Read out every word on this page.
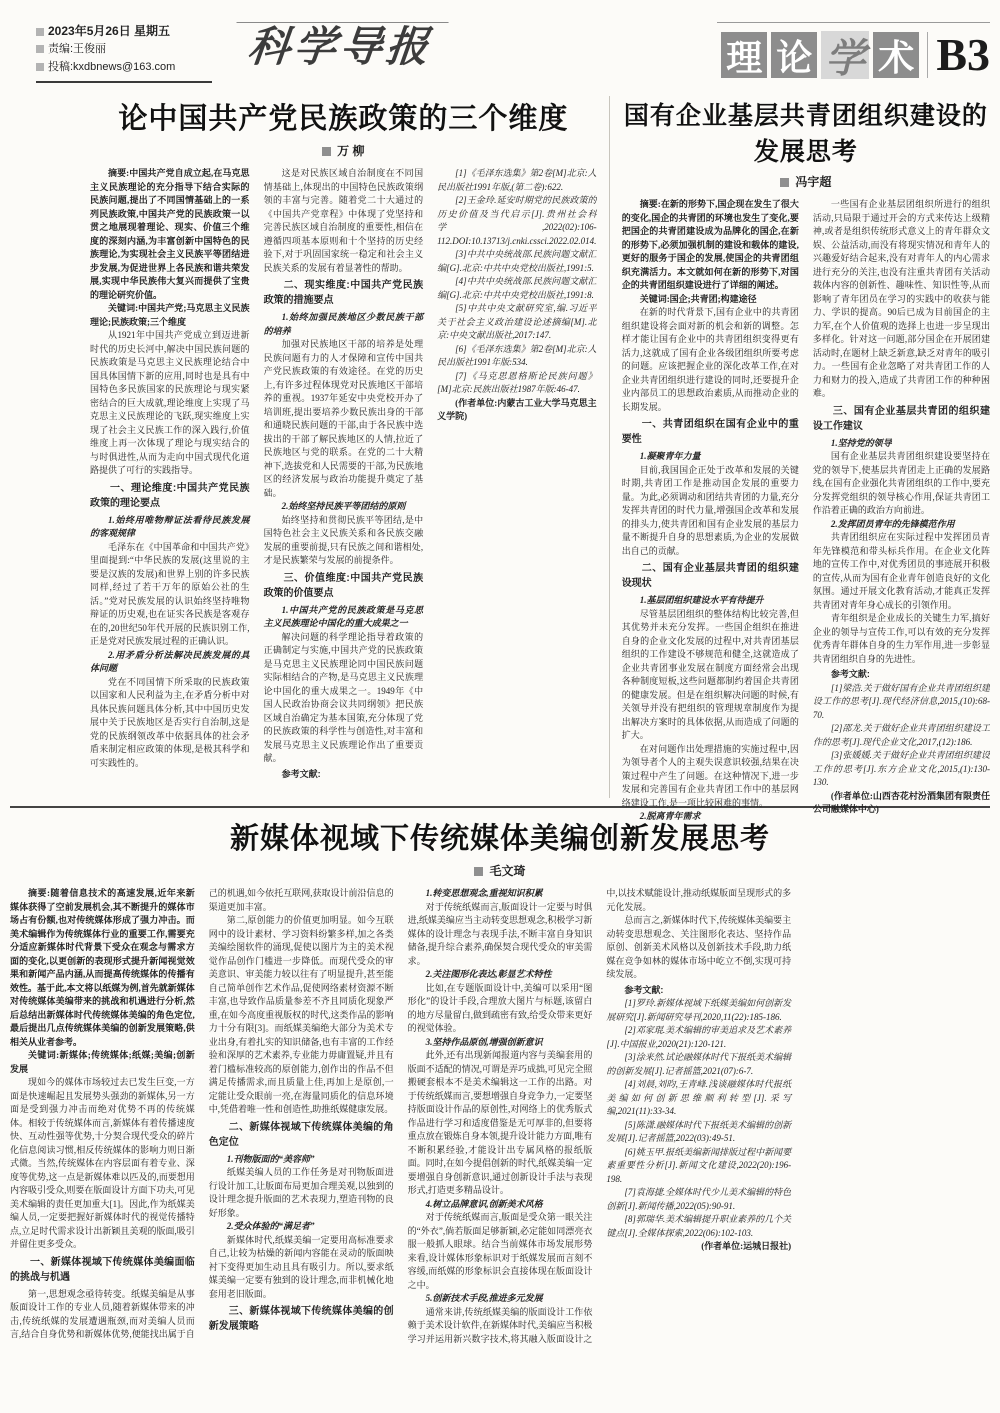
2023年5月26日 星期五
责编:王俊丽
投稿:kxdbnews@163.com	科学导报	理 论 学 术 B3
论中国共产党民族政策的三个维度
万 柳

摘要:中国共产党自成立起,在马克思主义民族理论的充分指导下结合实际的民族问题,提出了不同国情基础上的一系列民族政策,中国共产党的民族政策一以贯之地展现着理论、现实、价值三个维度的深刻内涵,为丰富创新中国特色的民族理论,为实现社会主义民族平等团结进步发展,为促进世界上各民族和谐共荣发展,实现中华民族伟大复兴而提供了宝贵的理论研究价值。

关键词:中国共产党;马克思主义民族理论;民族政策;三个维度

从1921年中国共产党成立到迈进新时代的历史长河中,解决中国民族问题的民族政策是马克思主义民族理论结合中国具体国情下新的应用,同时也是具有中国特色多民族国家的民族理论与现实紧密结合的巨大成就,理论维度上实现了马克思主义民族理论的飞跃,现实维度上实现了社会主义民族工作的深入践行,价值维度上再一次体现了理论与现实结合的与时俱进性,从而为走向中国式现代化道路提供了可行的实践指导。

一、理论维度:中国共产党民族政策的理论要点

1.始终用唯物辩证法看待民族发展的客观规律

毛泽东在《中国革命和中国共产党》里面提到:“中华民族的发展(这里说的主要是汉族的发展)和世界上别的许多民族同样,经过了若干万年的原始公社的生活。”党对民族发展的认识始终坚持唯物辩证的历史观,也在证实各民族是客观存在的,20世纪50年代开展的民族识别工作,正是党对民族发展过程的正确认识。

2.用矛盾分析法解决民族发展的具体问题

党在不同国情下所采取的民族政策以国家和人民利益为主,在矛盾分析中对具体民族问题具体分析,其中中国历史发展中关于民族地区是否实行自治制,这是党的民族纲领改革中依据具体的社会矛盾来制定相应政策的体现,是极其科学和可实践性的。

这是对民族区域自治制度在不同国情基础上,体现出的中国特色民族政策纲领的丰富与完善。随着党二十大通过的《中国共产党章程》中体现了党坚持和完善民族区域自治制度的重要性,相信在遵循四项基本原则和十个坚持的历史经验下,对于巩固国家统一稳定和社会主义民族关系的发展有着显著性的帮助。

二、现实维度:中国共产党民族政策的措施要点

1.始终加强民族地区少数民族干部的培养

加强对民族地区干部的培养是处理民族问题有力的人才保障和宣传中国共产党民族政策的有效途径。在党的历史上,有许多过程体现党对民族地区干部培养的重视。1937年延安中央党校开办了培训班,提出要培养少数民族出身的干部和通晓民族问题的干部,由于各民族中选拔出的干部了解民族地区的人情,拉近了民族地区与党的联系。在党的二十大精神下,选拔党和人民需要的干部,为民族地区的经济发展与政治功能提升奠定了基础。

2.始终坚持民族平等团结的原则

始终坚持和贯彻民族平等团结,是中国特色社会主义民族关系和各民族交融发展的重要前提,只有民族之间和谐相处,才是民族繁荣与发展的前提条件。

三、价值维度:中国共产党民族政策的价值要点

1.中国共产党的民族政策是马克思主义民族理论中国化的重大成果之一

解决问题的科学理论指导着政策的正确制定与实施,中国共产党的民族政策是马克思主义民族理论同中国民族问题实际相结合的产物,是马克思主义民族理论中国化的重大成果之一。1949年《中国人民政治协商会议共同纲领》把民族区域自治确定为基本国策,充分体现了党的民族政策的科学性与创造性,对丰富和发展马克思主义民族理论作出了重要贡献。

参考文献:

[1]《毛泽东选集》第2卷[M]北京:人民出版社1991年版,(第二卷):622.

[2]王金玲.延安时期党的民族政策的历史价值及当代启示[J].贵州社会科学,2022(02):106-112.DOI:10.13713/j.cnki.cssci.2022.02.014.

[3]中共中央统战部.民族问题文献汇编[G].北京:中共中央党校出版社,1991:5.

[4]中共中央统战部.民族问题文献汇编[G].北京:中共中央党校出版社,1991:8.

[5]中共中央文献研究室,编.习近平关于社会主义政治建设论述摘编[M].北京:中央文献出版社,2017:147.

[6]《毛泽东选集》第2卷[M]北京:人民出版社1991年版:534.

[7]《马克思恩格斯论民族问题》[M]北京:民族出版社1987年版:46-47.

(作者单位:内蒙古工业大学马克思主义学院)

国有企业基层共青团组织建设的发展思考
冯宇超

摘要:在新的形势下,国企现在发生了很大的变化,国企的共青团的环境也发生了变化,要把国企的共青团建设成为品牌化的国企,在新的形势下,必须加强机制的建设和载体的建设,更好的服务于国企的发展,使国企的共青团组织充满活力。本文就如何在新的形势下,对国企的共青团组织建设进行了详细的阐述。

关键词:国企;共青团;构建途径

在新的时代背景下,国有企业中的共青团组织建设将会面对新的机会和新的调整。怎样才能让国有企业中的共青团组织变得更有活力,这就成了国有企业各级团组织所要考虑的问题。应该把握企业的深化改革工作,在对企业共青团组织进行建设的同时,还要提升企业内部员工的思想政治素质,从而推动企业的长期发展。

一、共青团组织在国有企业中的重要性

1.凝聚青年力量

目前,我国国企正处于改革和发展的关键时期,共青团工作是推动国企发展的重要力量。为此,必须调动和团结共青团的力量,充分发挥共青团的时代力量,增强国企改革和发展的排头力,使共青团和国有企业发展的基层力量不断提升自身的思想素质,为企业的发展做出自己的贡献。

二、国有企业基层共青团的组织建设现状

1.基层团组织建设水平有待提升

尽管基层团组织的整体结构比较完善,但其优势并未充分发挥。一些国企组织在推进自身的企业文化发展的过程中,对共青团基层组织的工作建设不够规范和健全,这就造成了企业共青团事业发展在制度方面经常会出现各种制度短板,这些问题都制约着国企共青团的健康发展。但是在组织解决问题的时候,有关领导并没有把组织的管理规章制度作为提出解决方案时的具体依据,从而造成了问题的扩大。

在对问题作出处理措施的实施过程中,因为领导者个人的主观失误意识较强,结果在决策过程中产生了问题。在这种情况下,进一步发展和完善国有企业共青团工作中的基层网络建设工作,是一项比较困难的事情。

2.脱离青年需求

一些国有企业基层团组织所进行的组织活动,只局限于通过开会的方式来传达上级精神,或者是组织传统形式意义上的青年群众文娱、公益活动,而没有将现实情况和青年人的兴趣爱好结合起来,没有对青年人的内心需求进行充分的关注,也没有注重共青团有关活动载体内容的创新性、趣味性、知识性等,从而影响了青年团员在学习的实践中的收获与能力、学识的提高。90后已成为目前国企的主力军,在个人价值观的选择上也进一步呈现出多样化。针对这一问题,部分国企在开展团建活动时,在题材上缺乏新意,缺乏对青年的吸引力。一些国有企业忽略了对共青团工作的人力和财力的投入,造成了共青团工作的种种困难。

三、国有企业基层共青团的组织建设工作建议

1.坚持党的领导

国有企业基层共青团组织建设要坚持在党的领导下,使基层共青团走上正确的发展路线,在国有企业强化共青团组织的工作中,要充分发挥党组织的领导核心作用,保证共青团工作沿着正确的政治方向前进。

2.发挥团员青年的先锋模范作用

共青团组织应在实际过程中发挥团员青年先锋模范和带头标兵作用。在企业文化阵地的宣传工作中,对优秀团员的事迹展开积极的宣传,从而为国有企业青年创造良好的文化氛围。通过开展文化教育活动,才能真正发挥共青团对青年身心成长的引领作用。

青年组织是企业成长的关键生力军,搞好企业的领导与宣传工作,可以有效的充分发挥优秀青年群体自身的生力军作用,进一步彰显共青团组织自身的先进性。

参考文献:

[1]梁浩.关于做好国有企业共青团组织建设工作的思考[J].现代经济信息,2015,(10):68-70.

[2]邵龙.关于做好企业共青团组织建设工作的思考[J].现代企业文化,2017,(12):186.

[3]张媛媛.关于做好企业共青团组织建设工作的思考[J].东方企业文化,2015,(1):130-130.

(作者单位:山西杏花村汾酒集团有限责任公司融媒体中心)

新媒体视域下传统媒体美编创新发展思考
毛文琦

摘要:随着信息技术的高速发展,近年来新媒体获得了空前发展机会,其不断提升的媒体市场占有份额,也对传统媒体形成了强力冲击。而美术编辑作为传统媒体行业的重要工作,需要充分适应新媒体时代背景下受众在观念与需求方面的变化,以更创新的表现形式提升新闻视觉效果和新闻产品内涵,从而提高传统媒体的传播有效性。基于此,本文将以纸媒为例,首先就新媒体对传统媒体美编带来的挑战和机遇进行分析,然后总结出新媒体时代传统媒体美编的角色定位,最后提出几点传统媒体美编的创新发展策略,供相关从业者参考。

关键词:新媒体;传统媒体;纸媒;美编;创新发展

现如今的媒体市场较过去已发生巨变,一方面是快速崛起且发展势头强劲的新媒体,另一方面是受到强力冲击而绝对优势不再的传统媒体。相较于传统媒体而言,新媒体有着传播速度快、互动性强等优势,十分契合现代受众的碎片化信息阅读习惯,相反传统媒体的影响力则日渐式微。当然,传统媒体在内容层面有着专业、深度等优势,这一点是新媒体难以匹及的,而要想用内容吸引受众,则要在版面设计方面下功夫,可见美术编辑的责任更加重大[1]。因此,作为纸媒美编人员,一定要把握好新媒体时代的视觉传播特点,立足时代需求设计出新颖且美观的版面,吸引并留住更多受众。

一、新媒体视域下传统媒体美编面临的挑战与机遇

第一,思想观念亟待转变。纸媒美编是从事版面设计工作的专业人员,随着新媒体带来的冲击,传统纸媒的发展遭遇瓶颈,而对美编人员而言,结合自身优势和新媒体优势,便能找出属于自己的机遇,如今依托互联网,获取设计前沿信息的渠道更加丰富。

第二,原创能力的价值更加明显。如今互联网中的设计素材、学习资料纷繁多样,加之各类美编绘图软件的涌现,促使以图片为主的美术视觉作品创作门槛进一步降低。而现代受众的审美意识、审美能力较以往有了明显提升,甚至能自己简单创作艺术作品,促使网络素材资源不断丰富,也导致作品质量参差不齐且同质化现象严重,在如今高度重视版权的时代,这类作品的影响力十分有限[3]。而纸媒美编绝大部分为美术专业出身,有着扎实的知识储备,也有丰富的工作经验和深厚的艺术素养,专业能力毋庸置疑,并且有着门槛标准较高的原创能力,创作出的作品不但满足传播需求,而且质量上佳,再加上是原创,一定能让受众眼前一亮,在海量同质化的信息环境中,凭借着唯一性和创造性,助推纸媒健康发展。

二、新媒体视域下传统媒体美编的角色定位

1.刊物版面的“美容师”

纸媒美编人员的工作任务是对刊物版面进行设计加工,让版面布局更加合理美观,以独到的设计理念提升版面的艺术表现力,塑造刊物的良好形象。

2.受众体验的“满足者”

新媒体时代,纸媒美编一定要用高标准要求自己,让较为枯燥的新闻内容能在灵动的版面映衬下变得更加生动且具有吸引力。所以,要求纸媒美编一定要有独到的设计理念,而非机械化地套用老旧版面。

三、新媒体视域下传统媒体美编的创新发展策略

1.转变思想观念,重视知识积累

对于传统纸媒而言,版面设计一定要与时俱进,纸媒美编应当主动转变思想观念,积极学习新媒体的设计理念与表现手法,不断丰富自身知识储备,提升综合素养,确保契合现代受众的审美需求。

2.关注图形化表达,彰显艺术特性

比如,在专题版面设计中,美编可以采用“图形化”的设计手段,合理放大图片与标题,该留白的地方尽量留白,做到疏密有致,给受众带来更好的视觉体验。

3.坚持作品原创,增强创新意识

此外,还有出现新闻报道内容与美编套用的版面不适配的情况,可谓是弄巧成拙,可见完全照搬硬套根本不是美术编辑这一工作的出路。对于传统纸媒而言,要想增强自身竞争力,一定要坚持版面设计作品的原创性,对网络上的优秀版式作品进行学习和适度借鉴是无可厚非的,但要将重点放在锻炼自身本领,提升设计能力方面,唯有不断积累经验,才能设计出专属风格的报纸版面。同时,在如今提倡创新的时代,纸媒美编一定要增强自身创新意识,通过创新设计手法与表现形式,打造更多精品设计。

4.树立品牌意识,创新美术风格

对于传统纸媒而言,版面是受众第一眼关注的“外衣”,倘若版面足够新颖,必定能如同漂亮衣服一般抓人眼球。结合当前媒体市场发展形势来看,设计媒体形象标识对于纸媒发展而言刻不容缓,而纸媒的形象标识会直接体现在版面设计之中。

5.创新技术手段,推进多元发展

通常来讲,传统纸媒美编的版面设计工作依赖于美术设计软件,在新媒体时代,美编应当积极学习并运用新兴数字技术,将其融入版面设计之中,以技术赋能设计,推动纸媒版面呈现形式的多元化发展。

总而言之,新媒体时代下,传统媒体美编要主动转变思想观念、关注图形化表达、坚持作品原创、创新美术风格以及创新技术手段,助力纸媒在竞争如林的媒体市场中屹立不倒,实现可持续发展。

参考文献:

[1]罗玲.新媒体视域下纸媒美编如何创新发展研究[J].新闻研究导刊,2020,11(22):185-186.

[2]邓家琨.美术编辑的审美追求及艺术素养[J].中国报业,2020(21):120-121.

[3]涂来然.试论融媒体时代下报纸美术编辑的创新发展[J].记者摇篮,2021(07):6-7.

[4]刘晨,刘昀,王青峰.浅谈融媒体时代报纸美编如何创新思维顺利转型[J].采写编,2021(11):33-34.

[5]陈潇.融媒体时代下报纸美术编辑的创新发展[J].记者摇篮,2022(03):49-51.

[6]姚玉甲.报纸美编新闻排版过程中新闻要素重要性分析[J].新闻文化建设,2022(20):196-198.

[7]袁海捷.全媒体时代少儿美术编辑的特色创新[J].新闻传播,2022(05):90-91.

[8]郭瑞华.美术编辑提升职业素养的几个关键点[J].全媒体探索,2022(06):102-103.

(作者单位:运城日报社)
